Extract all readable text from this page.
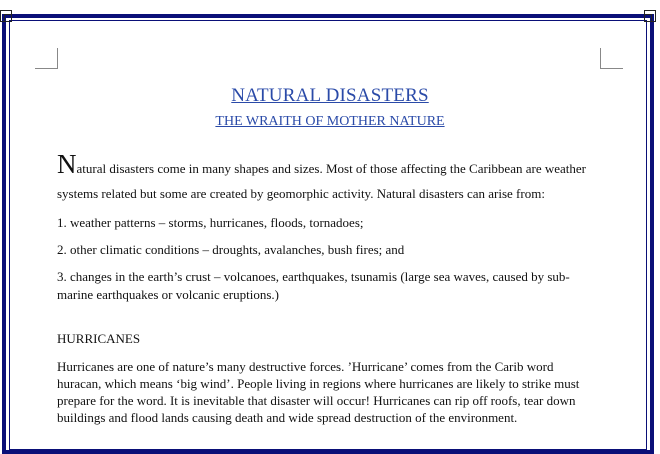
NATURAL DISASTERS
THE WRAITH OF MOTHER NATURE
Natural disasters come in many shapes and sizes. Most of those affecting the Caribbean are weather
systems related but some are created by geomorphic activity. Natural disasters can arise from:
1. weather patterns – storms, hurricanes, floods, tornadoes;
2. other climatic conditions – droughts, avalanches, bush fires; and
3. changes in the earth’s crust – volcanoes, earthquakes, tsunamis (large sea waves, caused by sub-
marine earthquakes or volcanic eruptions.)
HURRICANES
Hurricanes are one of nature’s many destructive forces. ’Hurricane’ comes from the Carib word
huracan, which means ‘big wind’. People living in regions where hurricanes are likely to strike must
prepare for the word. It is inevitable that disaster will occur! Hurricanes can rip off roofs, tear down
buildings and flood lands causing death and wide spread destruction of the environment.
